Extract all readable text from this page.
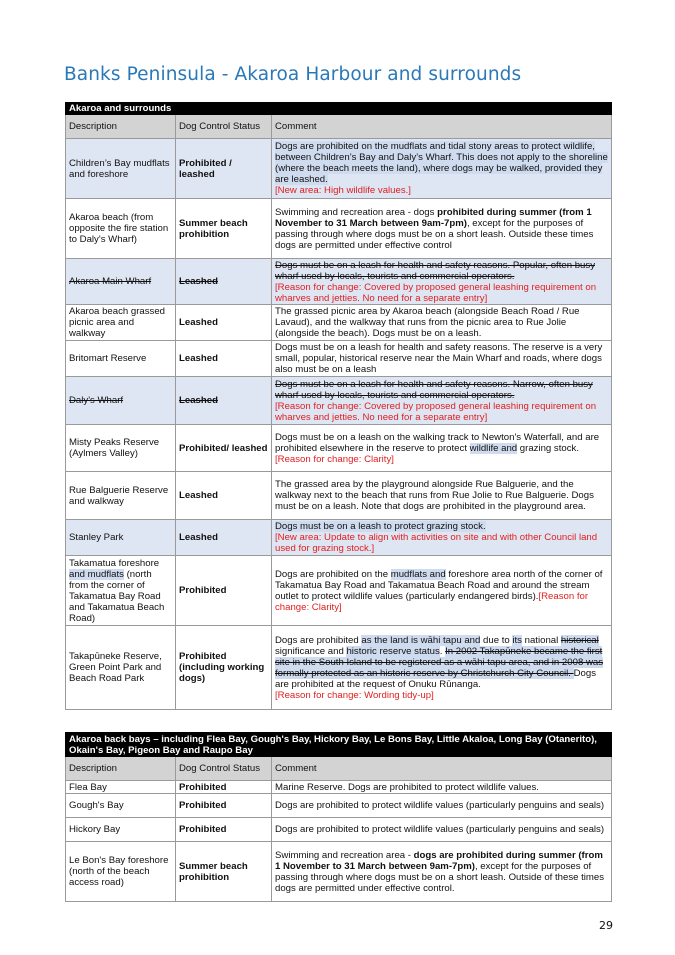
Banks Peninsula - Akaroa Harbour and surrounds
Akaroa and surrounds		
Description	Dog Control Status	Comment
Children’s Bay mudflats and foreshore	Prohibited / leashed	Dogs are prohibited on the mudflats and tidal stony areas to protect wildlife, between Children’s Bay and Daly’s Wharf. This does not apply to the shoreline (where the beach meets the land), where dogs may be walked, provided they are leashed.
[New area: High wildlife values.]
Akaroa beach (from opposite the fire station to Daly's Wharf)	Summer beach prohibition	Swimming and recreation area - dogs prohibited during summer (from 1 November to 31 March between 9am-7pm), except for the purposes of passing through where dogs must be on a short leash. Outside these times dogs are permitted under effective control
Akaroa Main Wharf	Leashed	Dogs must be on a leash for health and safety reasons. Popular, often busy wharf used by locals, tourists and commercial operators.
[Reason for change: Covered by proposed general leashing requirement on wharves and jetties. No need for a separate entry]
Akaroa beach grassed picnic area and walkway	Leashed	The grassed picnic area by Akaroa beach (alongside Beach Road / Rue Lavaud), and the walkway that runs from the picnic area to Rue Jolie (alongside the beach). Dogs must be on a leash.
Britomart Reserve	Leashed	Dogs must be on a leash for health and safety reasons. The reserve is a very small, popular, historical reserve near the Main Wharf and roads, where dogs also must be on a leash
Daly's Wharf	Leashed	Dogs must be on a leash for health and safety reasons. Narrow, often busy wharf used by locals, tourists and commercial operators.
[Reason for change: Covered by proposed general leashing requirement on wharves and jetties. No need for a separate entry]
Misty Peaks Reserve (Aylmers Valley)	Prohibited/ leashed	Dogs must be on a leash on the walking track to Newton's Waterfall, and are prohibited elsewhere in the reserve to protect wildlife and grazing stock.
[Reason for change: Clarity]
Rue Balguerie Reserve and walkway	Leashed	The grassed area by the playground alongside Rue Balguerie, and the walkway next to the beach that runs from Rue Jolie to Rue Balguerie. Dogs must be on a leash. Note that dogs are prohibited in the playground area.
Stanley Park	Leashed	Dogs must be on a leash to protect grazing stock.
[New area: Update to align with activities on site and with other Council land used for grazing stock.]
Takamatua foreshore and mudflats (north from the corner of Takamatua Bay Road and Takamatua Beach Road)	Prohibited	Dogs are prohibited on the mudflats and foreshore area north of the corner of Takamatua Bay Road and Takamatua Beach Road and around the stream outlet to protect wildlife values (particularly endangered birds).[Reason for change: Clarity]
Takapūneke Reserve, Green Point Park and Beach Road Park	Prohibited (including working dogs)	Dogs are prohibited as the land is wāhi tapu and due to its national historical significance and historic reserve status. In 2002 Takapūneke became the first site in the South Island to be registered as a wāhi tapu area, and in 2008 was formally protected as an historic reserve by Christchurch City Council. Dogs are prohibited at the request of Onuku Rūnanga.
[Reason for change: Wording tidy-up]
Akaroa back bays – including Flea Bay, Gough's Bay, Hickory Bay, Le Bons Bay, Little Akaloa, Long Bay (Otanerito), Okain's Bay, Pigeon Bay and Raupo Bay		
Description	Dog Control Status	Comment
Flea Bay	Prohibited	Marine Reserve. Dogs are prohibited to protect wildlife values.
Gough's Bay	Prohibited	Dogs are prohibited to protect wildlife values (particularly penguins and seals)
Hickory Bay	Prohibited	Dogs are prohibited to protect wildlife values (particularly penguins and seals)
Le Bon's Bay foreshore (north of the beach access road)	Summer beach prohibition	Swimming and recreation area - dogs are prohibited during summer (from 1 November to 31 March between 9am-7pm), except for the purposes of passing through where dogs must be on a short leash. Outside of these times dogs are permitted under effective control.
29
